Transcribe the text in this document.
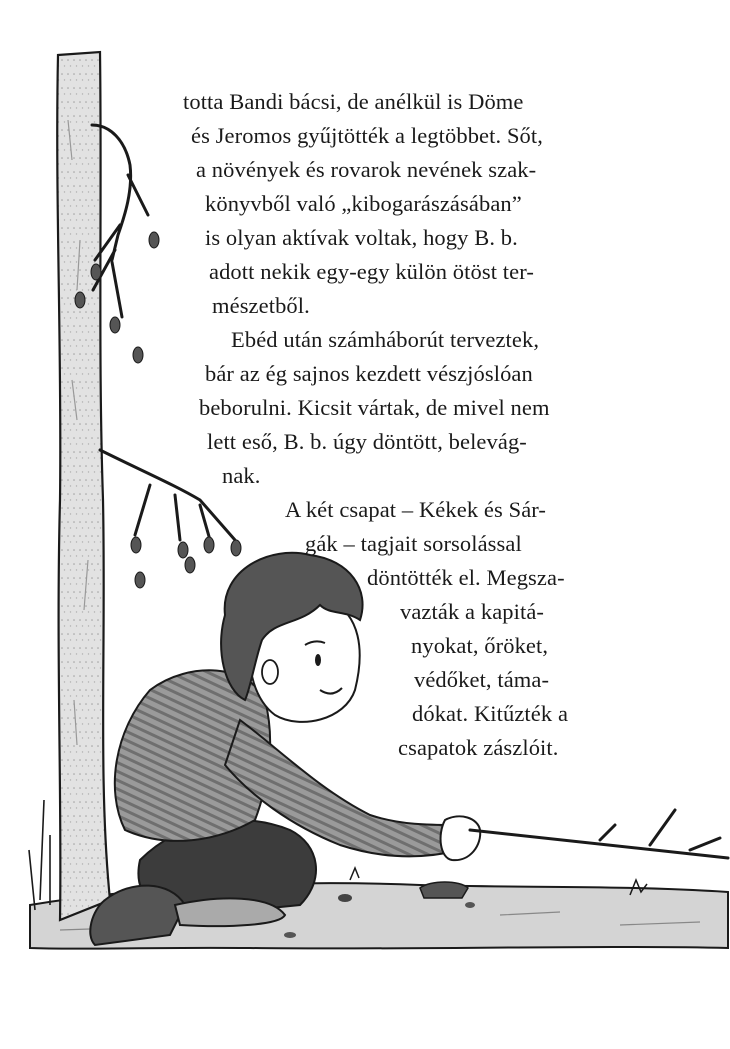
totta Bandi bácsi, de anélkül is Döme
és Jeromos gyűjtötték a legtöbbet. Sőt,
a növények és rovarok nevének szak-
könyvből való „kibogarászásában”
is olyan aktívak voltak, hogy B. b.
adott nekik egy-egy külön ötöst ter-
mészetből.
Ebéd után számháborút terveztek,
bár az ég sajnos kezdett vészjóslóan
beborulni. Kicsit vártak, de mivel nem
lett eső, B. b. úgy döntött, belevág-
nak.
A két csapat – Kékek és Sár-
gák – tagjait sorsolással
döntötték el. Megsza-
vazták a kapitá-
nyokat, őröket,
védőket, táma-
dókat. Kitűzték a
csapatok zászlóit.
